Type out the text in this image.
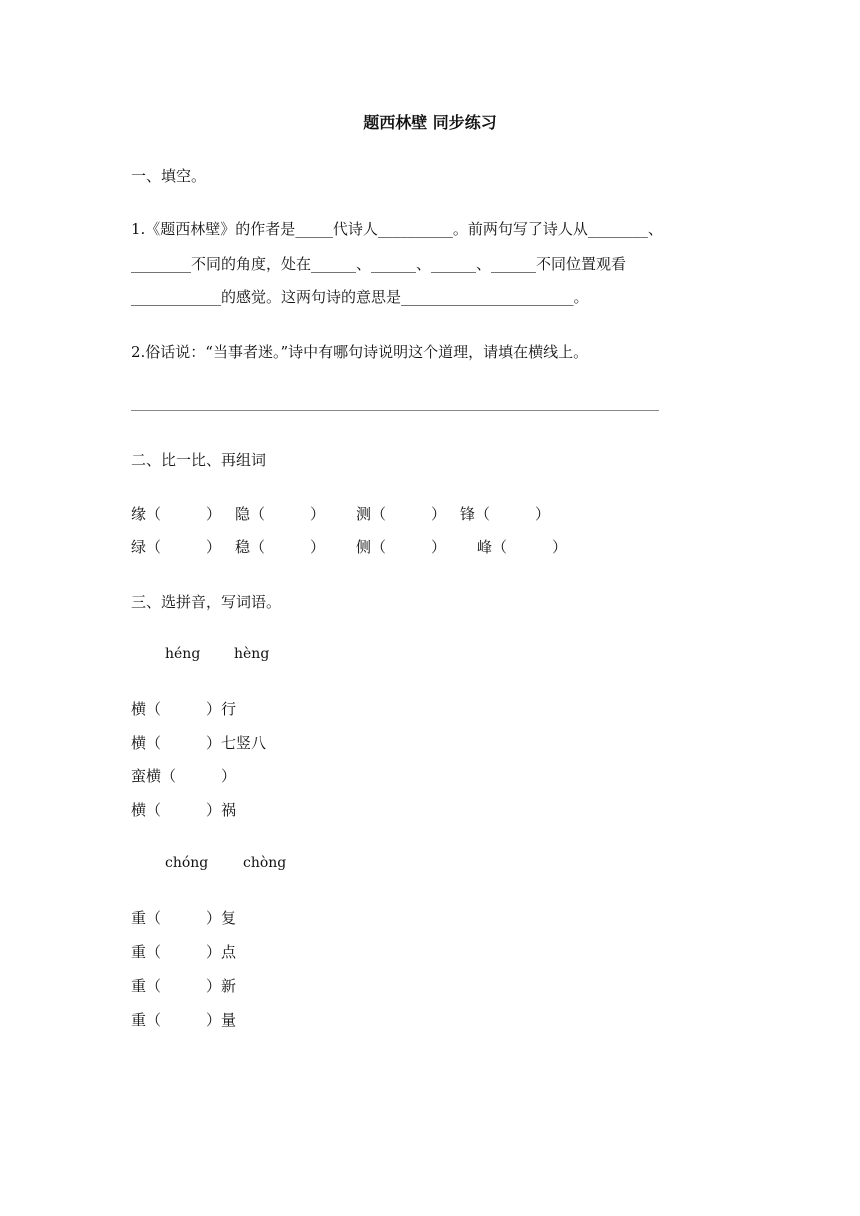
题西林壁 同步练习
一、填空。
1.《题西林壁》的作者是_____代诗人__________。前两句写了诗人从________、
________不同的角度，处在______、______、______、______不同位置观看
____________的感觉。这两句诗的意思是_______________________。
2.俗话说：“当事者迷。”诗中有哪句诗说明这个道理，请填在横线上。
二、比一比、再组词
缘（　　　） 隐（　　　） 测（　　　） 锋（　　　）
绿（　　　） 稳（　　　） 侧（　　　） 峰（　　　）
三、选拼音，写词语。
héng hèng
横（　　　）行
横（　　　）七竖八
蛮横（　　　）
横（　　　）祸
chóng chòng
重（　　　）复
重（　　　）点
重（　　　）新
重（　　　）量
